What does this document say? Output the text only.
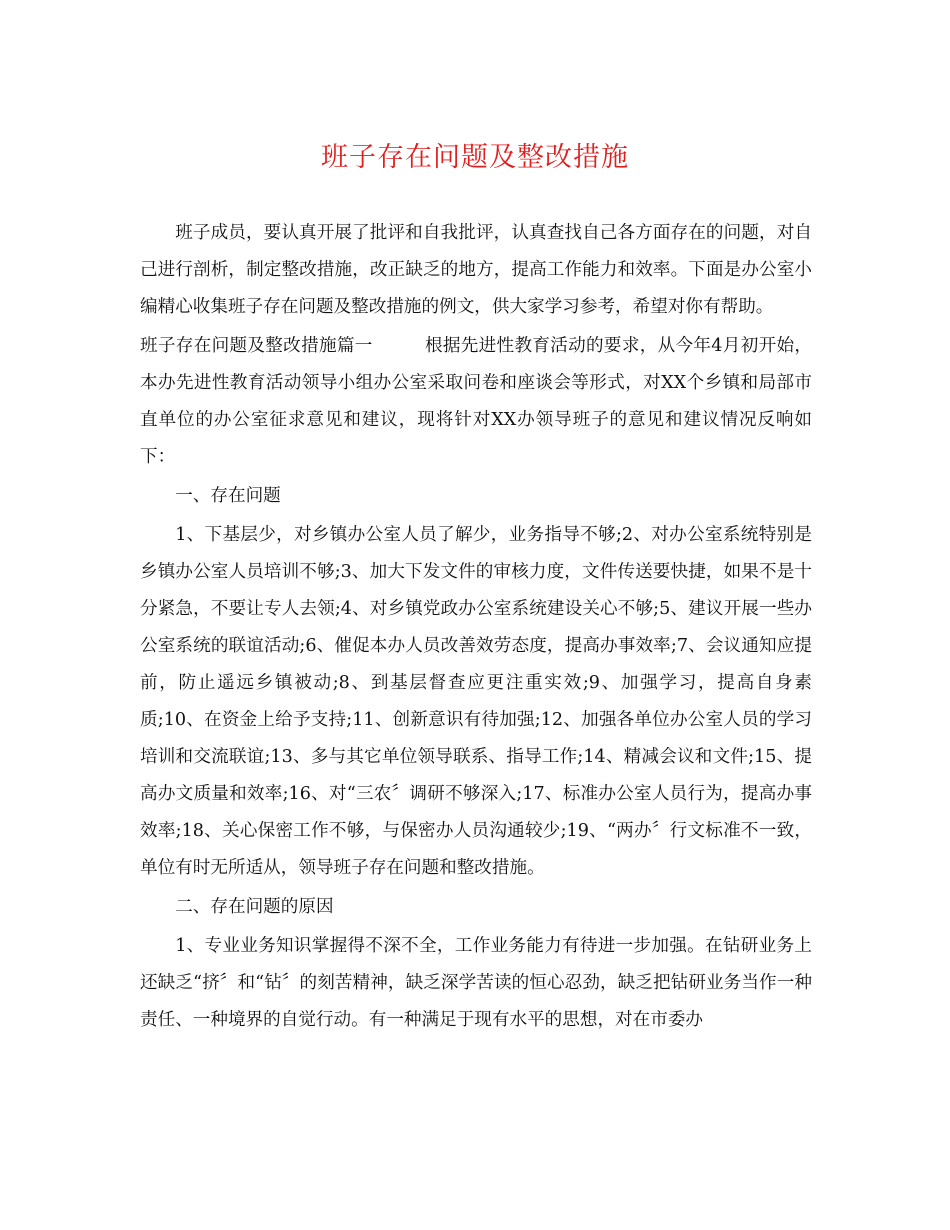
班子存在问题及整改措施

班子成员，要认真开展了批评和自我批评，认真查找自己各方面存在的问题，对自己进行剖析，制定整改措施，改正缺乏的地方，提高工作能力和效率。下面是办公室小编精心收集班子存在问题及整改措施的例文，供大家学习参考，希望对你有帮助。

班子存在问题及整改措施篇一	根据先进性教育活动的要求，从今年4月初开始，本办先进性教育活动领导小组办公室采取问卷和座谈会等形式，对XX个乡镇和局部市直单位的办公室征求意见和建议，现将针对XX办领导班子的意见和建议情况反响如下：

一、存在问题

1、下基层少，对乡镇办公室人员了解少，业务指导不够;2、对办公室系统特别是乡镇办公室人员培训不够;3、加大下发文件的审核力度，文件传送要快捷，如果不是十分紧急，不要让专人去领;4、对乡镇党政办公室系统建设关心不够;5、建议开展一些办公室系统的联谊活动;6、催促本办人员改善效劳态度，提高办事效率;7、会议通知应提前，防止遥远乡镇被动;8、到基层督查应更注重实效;9、加强学习，提高自身素质;10、在资金上给予支持;11、创新意识有待加强;12、加强各单位办公室人员的学习培训和交流联谊;13、多与其它单位领导联系、指导工作;14、精减会议和文件;15、提高办文质量和效率;16、对“三农〞调研不够深入;17、标准办公室人员行为，提高办事效率;18、关心保密工作不够，与保密办人员沟通较少;19、“两办〞行文标准不一致，单位有时无所适从，领导班子存在问题和整改措施。

二、存在问题的原因

1、专业业务知识掌握得不深不全，工作业务能力有待进一步加强。在钻研业务上还缺乏“挤〞和“钻〞的刻苦精神，缺乏深学苦读的恒心忍劲，缺乏把钻研业务当作一种责任、一种境界的自觉行动。有一种满足于现有水平的思想，对在市委办
